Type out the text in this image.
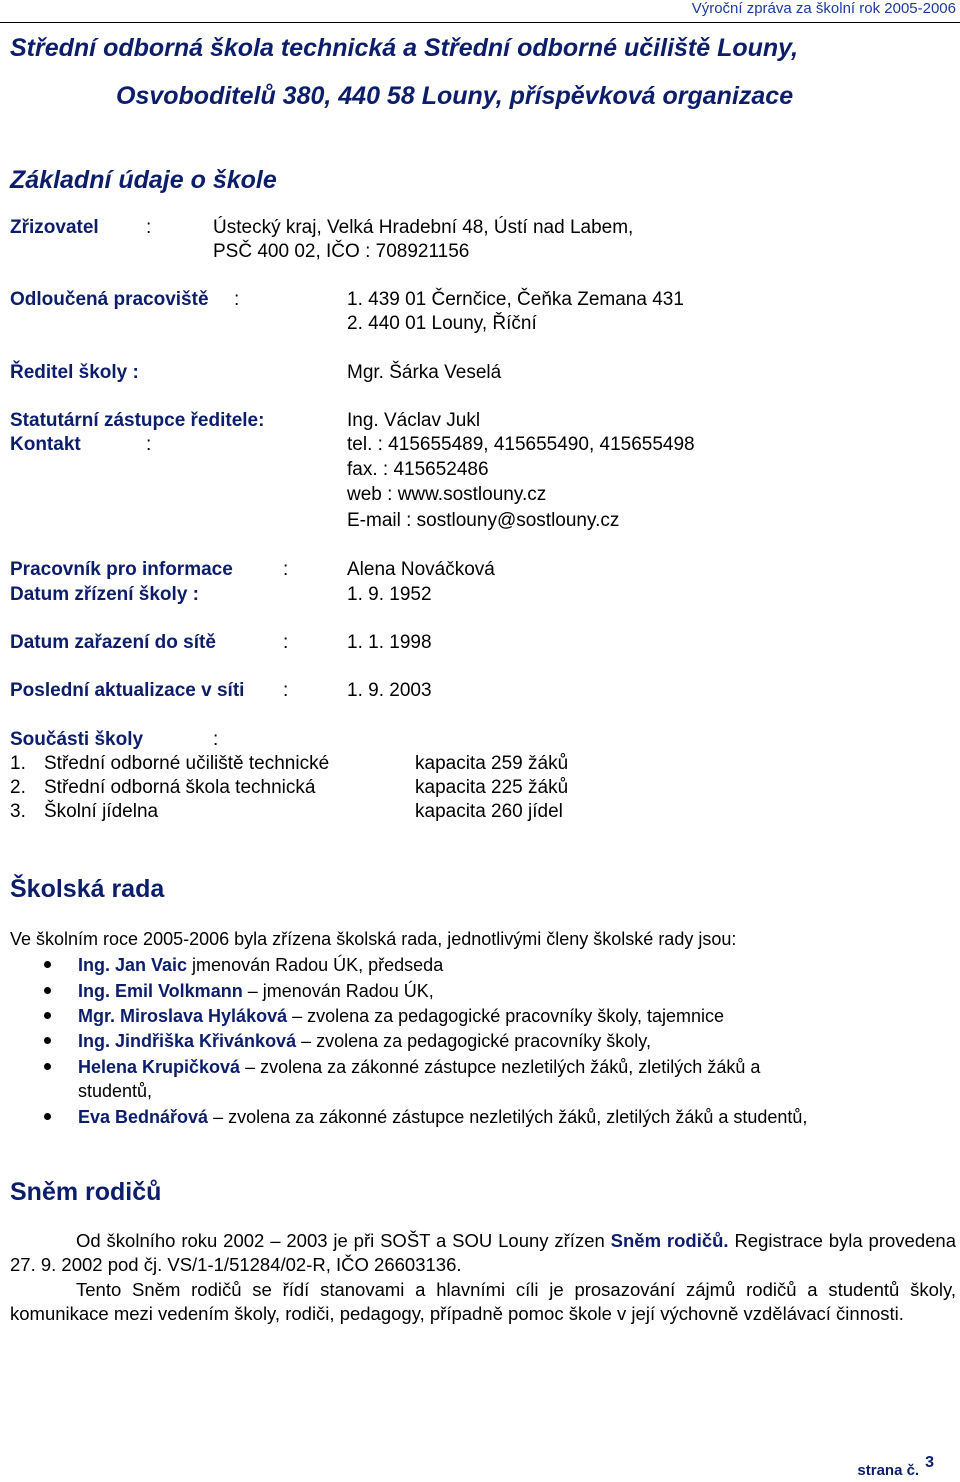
Výroční zpráva za školní rok 2005-2006
Střední odborná škola technická a Střední odborné učiliště Louny,
Osvoboditelů 380, 440 58 Louny, příspěvková organizace
Základní údaje o škole
Zřizovatel :	Ústecký kraj, Velká Hradební 48, Ústí nad Labem,
PSČ 400 02, IČO : 708921156
Odloučená pracoviště :	1. 439 01 Černčice, Čeňka Zemana 431
2. 440 01 Louny, Říční
Ředitel školy :	Mgr. Šárka Veselá
Statutární zástupce ředitele:	Ing. Václav Jukl
Kontakt	:	tel. : 415655489, 415655490, 415655498
fax. : 415652486
web : www.sostlouny.cz
E-mail : sostlouny@sostlouny.cz
Pracovník pro informace	:	Alena Nováčková
Datum zřízení školy :	1. 9. 1952
Datum zařazení do sítě	:	1. 1. 1998
Poslední aktualizace v síti :	1. 9. 2003
Součásti školy	:
1. Střední odborné učiliště technické	kapacita 259 žáků
2. Střední odborná škola technická	kapacita 225 žáků
3. Školní jídelna	kapacita 260 jídel
Školská rada
Ve školním roce 2005-2006 byla zřízena školská rada, jednotlivými členy školské rady jsou:
Ing. Jan Vaic jmenován Radou ÚK, předseda
Ing. Emil Volkmann – jmenován Radou ÚK,
Mgr. Miroslava Hyláková – zvolena za pedagogické pracovníky školy, tajemnice
Ing. Jindřiška Křivánková – zvolena za pedagogické pracovníky školy,
Helena Krupičková – zvolena za zákonné zástupce nezletilých žáků, zletilých žáků a
studentů,
Eva Bednářová – zvolena za zákonné zástupce nezletilých žáků, zletilých žáků a studentů,
Sněm rodičů
Od školního roku 2002 – 2003 je při SOŠT a SOU Louny zřízen Sněm rodičů. Registrace byla provedena 27. 9. 2002 pod čj. VS/1-1/51284/02-R, IČO 26603136.
Tento Sněm rodičů se řídí stanovami a hlavními cíli je prosazování zájmů rodičů a studentů školy, komunikace mezi vedením školy, rodiči, pedagogy, případně pomoc škole v její výchovně vzdělávací činnosti.
strana č. 3
